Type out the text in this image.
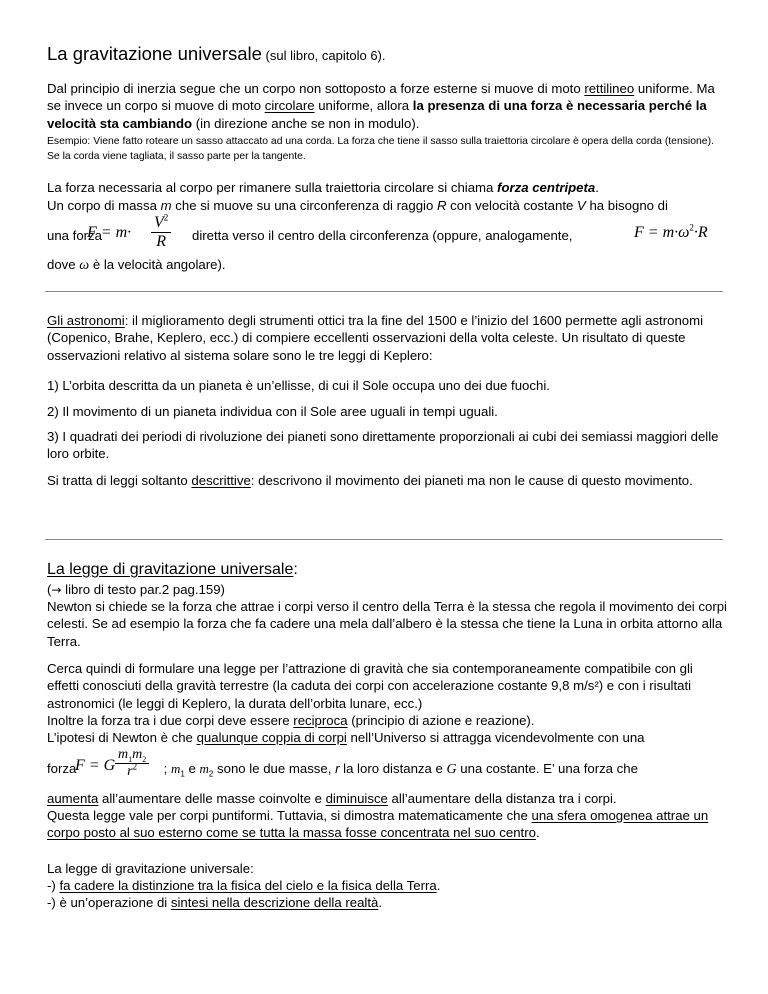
La gravitazione universale (sul libro, capitolo 6).
Dal principio di inerzia segue che un corpo non sottoposto a forze esterne si muove di moto rettilineo uniforme. Ma se invece un corpo si muove di moto circolare uniforme, allora la presenza di una forza è necessaria perché la velocità sta cambiando (in direzione anche se non in modulo).
Esempio: Viene fatto roteare un sasso attaccato ad una corda. La forza che tiene il sasso sulla traiettoria circolare è opera della corda (tensione). Se la corda viene tagliata, il sasso parte per la tangente.
La forza necessaria al corpo per rimanere sulla traiettoria circolare si chiama forza centripeta.
Un corpo di massa m che si muove su una circonferenza di raggio R con velocità costante V ha bisogno di
una forza
$F = m\cdot \frac{V^2}{R}$ diretta verso il centro della circonferenza (oppure, analogamente,	$F = m\cdot\omega^2\cdot R$
dove ω è la velocità angolare).
Gli astronomi: il miglioramento degli strumenti ottici tra la fine del 1500 e l’inizio del 1600 permette agli astronomi (Copenico, Brahe, Keplero, ecc.) di compiere eccellenti osservazioni della volta celeste. Un risultato di queste osservazioni relativo al sistema solare sono le tre leggi di Keplero:
1) L’orbita descritta da un pianeta è un’ellisse, di cui il Sole occupa uno dei due fuochi.
2) Il movimento di un pianeta individua con il Sole aree uguali in tempi uguali.
3) I quadrati dei periodi di rivoluzione dei pianeti sono direttamente proporzionali ai cubi dei semiassi maggiori delle loro orbite.
Si tratta di leggi soltanto descrittive: descrivono il movimento dei pianeti ma non le cause di questo movimento.
La legge di gravitazione universale:
(→ libro di testo par.2 pag.159)
Newton si chiede se la forza che attrae i corpi verso il centro della Terra è la stessa che regola il movimento dei corpi celesti. Se ad esempio la forza che fa cadere una mela dall’albero è la stessa che tiene la Luna in orbita attorno alla Terra.
Cerca quindi di formulare una legge per l’attrazione di gravità che sia contemporaneamente compatibile con gli effetti conosciuti della gravità terrestre (la caduta dei corpi con accelerazione costante 9,8 m/s²) e con i risultati astronomici (le leggi di Keplero, la durata dell’orbita lunare, ecc.)
Inoltre la forza tra i due corpi deve essere reciproca (principio di azione e reazione).
L’ipotesi di Newton è che qualunque coppia di corpi nell’Universo si attragga vicendevolmente con una
forza
F = G $\frac{m_1m_2}{r^2}$ ; $m_1$ e $m_2$ sono le due masse, r la loro distanza e G una costante. E’ una forza che
aumenta all’aumentare delle masse coinvolte e diminuisce all’aumentare della distanza tra i corpi.
Questa legge vale per corpi puntiformi. Tuttavia, si dimostra matematicamente che una sfera omogenea attrae un corpo posto al suo esterno come se tutta la massa fosse concentrata nel suo centro.
La legge di gravitazione universale:
-) fa cadere la distinzione tra la fisica del cielo e la fisica della Terra.
-) è un’operazione di sintesi nella descrizione della realtà.
